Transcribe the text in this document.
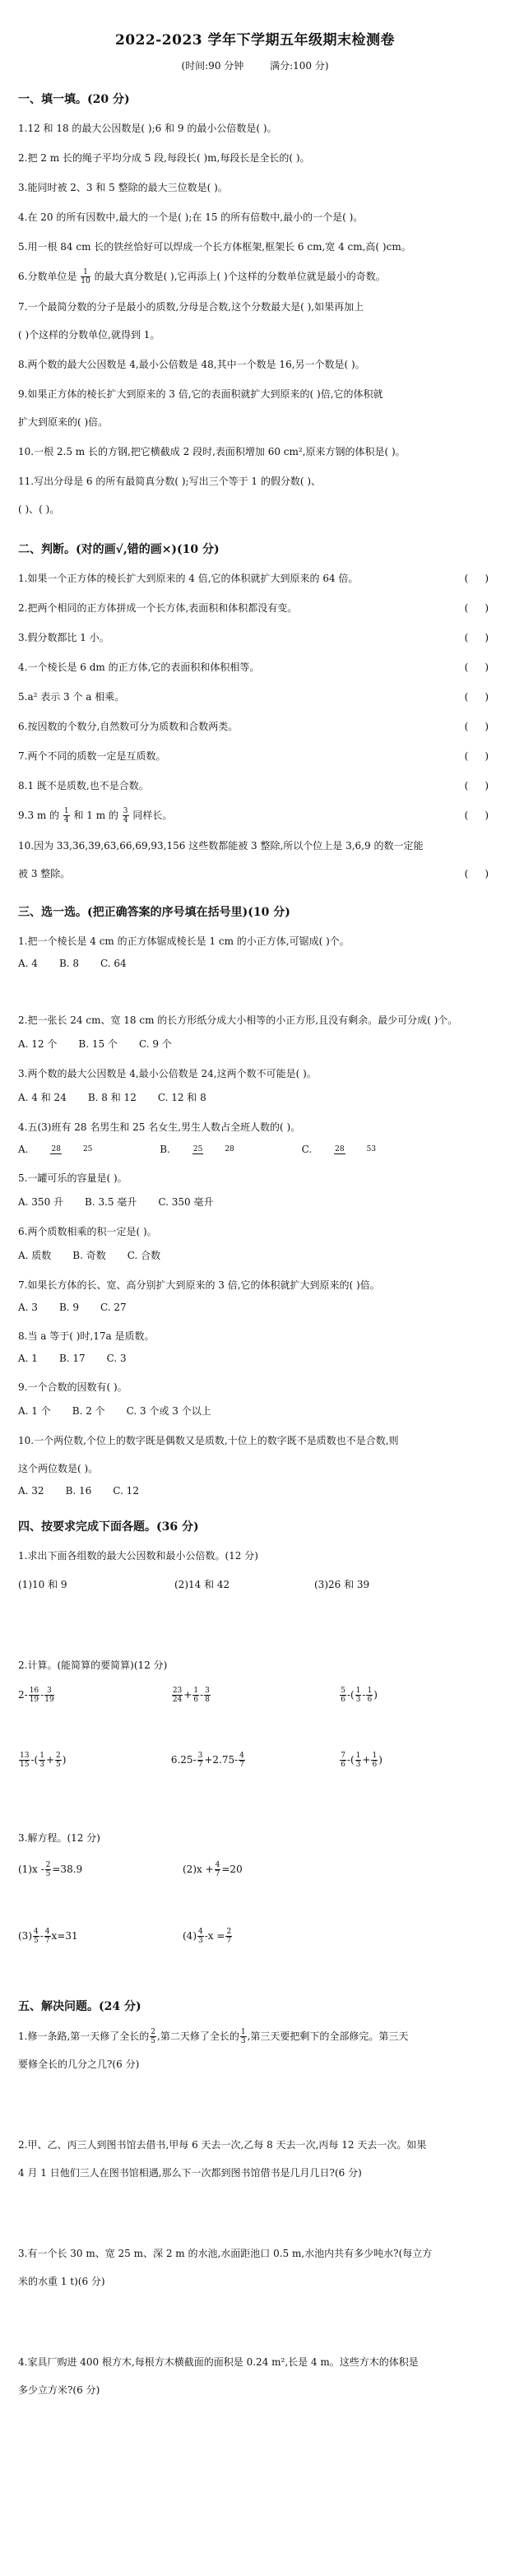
2022-2023 学年下学期五年级期末检测卷
(时间:90 分钟	满分:100 分)
一、填一填。(20 分)
1.12 和 18 的最大公因数是( );6 和 9 的最小公倍数是( )。
2.把 2 m 长的绳子平均分成 5 段,每段长( )m,每段长是全长的( )。
3.能同时被 2、3 和 5 整除的最大三位数是( )。
4.在 20 的所有因数中,最大的一个是( );在 15 的所有倍数中,最小的一个是( )。
5.用一根 84 cm 长的铁丝恰好可以焊成一个长方体框架,框架长 6 cm,宽 4 cm,高( )cm。
6.分数单位是 $\frac{1}{10}$ 的最大真分数是( ),它再添上( )个这样的分数单位就是最小的奇数。
7.一个最简分数的分子是最小的质数,分母是合数,这个分数最大是( ),如果再加上
( )个这样的分数单位,就得到 1。
8.两个数的最大公因数是 4,最小公倍数是 48,其中一个数是 16,另一个数是( )。
9.如果正方体的棱长扩大到原来的 3 倍,它的表面积就扩大到原来的( )倍,它的体积就
扩大到原来的( )倍。
10.一根 2.5 m 长的方钢,把它横截成 2 段时,表面积增加 60 cm²,原来方钢的体积是( )。
11.写出分母是 6 的所有最简真分数( );写出三个等于 1 的假分数( )、
( )、( )。
二、判断。(对的画√,错的画×)(10 分)
1.如果一个正方体的棱长扩大到原来的 4 倍,它的体积就扩大到原来的 64 倍。
(  )
2.把两个相同的正方体拼成一个长方体,表面积和体积都没有变。
(  )
3.假分数都比 1 小。
(  )
4.一个棱长是 6 dm 的正方体,它的表面积和体积相等。
(  )
5.a² 表示 3 个 a 相乘。
(  )
6.按因数的个数分,自然数可分为质数和合数两类。
(  )
7.两个不同的质数一定是互质数。
(  )
8.1 既不是质数,也不是合数。
(  )
9.3 m 的 $\frac{1}{4}$ 和 1 m 的 $\frac{3}{4}$ 同样长。
(  )
10.因为 33,36,39,63,66,69,93,156 这些数都能被 3 整除,所以个位上是 3,6,9 的数一定能
被 3 整除。
(  )
三、选一选。(把正确答案的序号填在括号里)(10 分)
1.把一个棱长是 4 cm 的正方体锯成棱长是 1 cm 的小正方体,可锯成( )个。
A. 4 B. 8 C. 64
2.把一张长 24 cm、宽 18 cm 的长方形纸分成大小相等的小正方形,且没有剩余。最少可分成( )个。
A. 12 个 B. 15 个 C. 9 个
3.两个数的最大公因数是 4,最小公倍数是 24,这两个数不可能是( )。
A. 4 和 24 B. 8 和 12 C. 12 和 8
4.五(3)班有 28 名男生和 25 名女生,男生人数占全班人数的( )。
A.	28	25	B.	25	28	C.	28	53
5.一罐可乐的容量是( )。
A. 350 升 B. 3.5 毫升 C. 350 毫升
6.两个质数相乘的积一定是( )。
A. 质数 B. 奇数 C. 合数
7.如果长方体的长、宽、高分别扩大到原来的 3 倍,它的体积就扩大到原来的( )倍。
A. 3 B. 9 C. 27
8.当 a 等于( )时,17a 是质数。
A. 1 B. 17 C. 3
9.一个合数的因数有( )。
A. 1 个 B. 2 个 C. 3 个或 3 个以上
10.一个两位数,个位上的数字既是偶数又是质数,十位上的数字既不是质数也不是合数,则
这个两位数是( )。
A. 32 B. 16 C. 12
四、按要求完成下面各题。(36 分)
1.求出下面各组数的最大公因数和最小公倍数。(12 分)
(1)10 和 9	(2)14 和 42	(3)26 和 39
2.计算。(能简算的要简算)(12 分)
$2- \frac{16}{19} - \frac{3}{19}$	$\frac{23}{24} + \frac{1}{6} - \frac{3}{8}$	$\frac{5}{6}$ -( $\frac{1}{3} - \frac{1}{6}$ )
$\frac{13}{15}$ -( $\frac{1}{3} + \frac{2}{5}$ )	$6.25- \frac{3}{7} +2.75- \frac{4}{7}$	$\frac{7}{6}$ -( $\frac{1}{3} + \frac{1}{6}$ )
3.解方程。(12 分)
$(1)x - \frac{2}{5} =38.9$	$(2)x + \frac{4}{7} =20$
$(3) \frac{4}{5} - \frac{4}{7} x=31$	$(4) \frac{4}{3} -x = \frac{2}{7}$
五、解决问题。(24 分)
1.修一条路,第一天修了全长的 $\frac{2}{5}$ ,第二天修了全长的 $\frac{1}{3}$ ,第三天要把剩下的全部修完。第三天
要修全长的几分之几?(6 分)
2.甲、乙、丙三人到图书馆去借书,甲每 6 天去一次,乙每 8 天去一次,丙每 12 天去一次。如果
4 月 1 日他们三人在图书馆相遇,那么下一次都到图书馆借书是几月几日?(6 分)
3.有一个长 30 m、宽 25 m、深 2 m 的水池,水面距池口 0.5 m,水池内共有多少吨水?(每立方
米的水重 1 t)(6 分)
4.家具厂购进 400 根方木,每根方木横截面的面积是 0.24 m²,长是 4 m。这些方木的体积是
多少立方米?(6 分)
